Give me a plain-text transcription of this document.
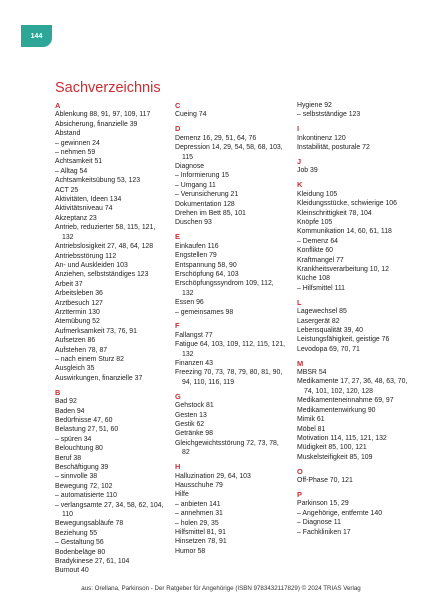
144
Sachverzeichnis
A
Ablenkung 88, 91, 97, 109, 117
Absicherung, finanzielle 39
Abstand
– gewinnen 24
– nehmen 59
Achtsamkeit 51
– Alltag 54
Achtsamkeitsübung 53, 123
ACT 25
Aktivitäten, Ideen 134
Aktivitätsniveau 74
Akzeptanz 23
Antrieb, reduzierter 58, 115, 121, 132
Antriebslosigkeit 27, 48, 64, 128
Antriebsstörung 112
An- und Auskleiden 103
Anziehen, selbstständiges 123
Arbeit 37
Arbeitsleben 36
Arztbesuch 127
Arzttermin 130
Atemübung 52
Aufmerksamkeit 73, 76, 91
Aufsetzen 86
Aufstehen 78, 87
– nach einem Sturz 82
Ausgleich 35
Auswirkungen, finanzielle 37
B
Bad 92
Baden 94
Bedürfnisse 47, 60
Belastung 27, 51, 60
– spüren 34
Belouchtung 80
Beruf 38
Beschäftigung 39
– sinnvolle 38
Bewegung 72, 102
– automatisierte 110
– verlangsamte 27, 34, 58, 62, 104, 110
Bewegungsabläufe 78
Beziehung 55
– Gestaltung 56
Bodenbeläge 80
Bradykinese 27, 61, 104
Burnout 40
C
Cueing 74
D
Demenz 16, 29, 51, 64, 76
Depression 14, 29, 54, 58, 68, 103, 115
Diagnose
– Informierung 15
– Umgang 11
– Verunsicherung 21
Dokumentation 128
Drehen im Bett 85, 101
Duschen 93
E
Einkaufen 116
Engstellen 79
Entspannung 58, 90
Erschöpfung 64, 103
Erschöpfungssyndrom 109, 112, 132
Essen 96
– gemeinsames 98
F
Fallangst 77
Fatigue 64, 103, 109, 112, 115, 121, 132
Finanzen 43
Freezing 70, 73, 78, 79, 80, 81, 90, 94, 110, 116, 119
G
Gehstock 81
Gesten 13
Gestik 62
Getränke 98
Gleichgewichtsstörung 72, 73, 78, 82
H
Halluzination 29, 64, 103
Hausschuhe 79
Hilfe
– anbieten 141
– annehmen 31
– holen 29, 35
Hilfsmittel 81, 91
Hinsetzen 78, 91
Humor 58
Hygiene 92
– selbstständige 123
I
Inkontinenz 120
Instabilität, posturale 72
J
Job 39
K
Kleidung 105
Kleidungsstücke, schwierige 106
Kleinschrittigkeit 78, 104
Knöpfe 105
Kommunikation 14, 60, 61, 118
– Demenz 64
Konflikte 60
Kraftmangel 77
Krankheitsverarbeitung 10, 12
Küche 108
– Hilfsmittel 111
L
Lagewechsel 85
Lasergerät 82
Lebensqualität 39, 40
Leistungsfähigkeit, geistige 76
Levodopa 69, 70, 71
M
MBSR 54
Medikamente 17, 27, 36, 48, 63, 70, 74, 101, 102, 120, 128
Medikamenteneinnahme 69, 97
Medikamentenwirkung 90
Mimik 61
Möbel 81
Motivation 114, 115, 121, 132
Müdigkeit 85, 100, 121
Muskelsteifigkeit 85, 109
O
Off-Phase 70, 121
P
Parkinson 15, 29
– Angehörige, entfernte 140
– Diagnose 11
– Fachkliniken 17
aus: Orellana, Parkinson - Der Ratgeber für Angehörige (ISBN 9783432117829) © 2024 TRIAS Verlag
